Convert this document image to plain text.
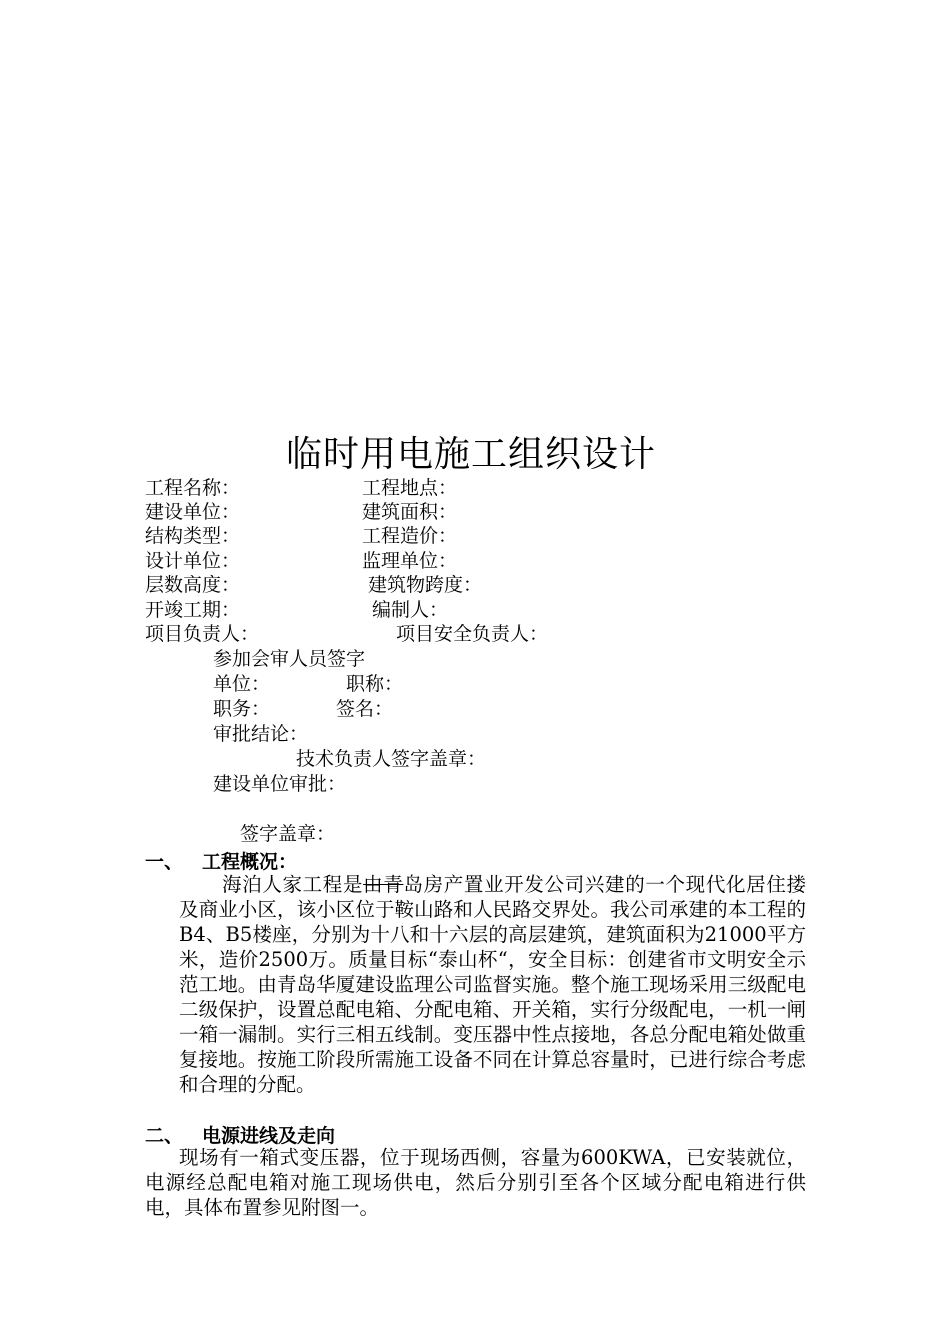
临时用电施工组织设计
工程名称：	工程地点：
建设单位：	建筑面积：
结构类型：	工程造价：
设计单位：	监理单位：
层数高度：	建筑物跨度：
开竣工期：	编制人：
项目负责人：	项目安全负责人：
参加会审人员签字
单位：	职称：
职务：	签名：
审批结论：
技术负责人签字盖章：
建设单位审批：
签字盖章：
一、 工程概况：
海泊人家工程是由青岛房产置业开发公司兴建的一个现代化居住搂及商业小区，该小区位于鞍山路和人民路交界处。我公司承建的本工程的B4、B5楼座，分别为十八和十六层的高层建筑，建筑面积为21000平方米，造价2500万。质量目标“泰山杯“，安全目标：创建省市文明安全示范工地。由青岛华厦建设监理公司监督实施。整个施工现场采用三级配电二级保护，设置总配电箱、分配电箱、开关箱，实行分级配电，一机一闸一箱一漏制。实行三相五线制。变压器中性点接地，各总分配电箱处做重复接地。按施工阶段所需施工设备不同在计算总容量时，已进行综合考虑和合理的分配。
二、 电源进线及走向
现场有一箱式变压器，位于现场西侧，容量为600KWA，已安装就位，电源经总配电箱对施工现场供电，然后分别引至各个区域分配电箱进行供电，具体布置参见附图一。
